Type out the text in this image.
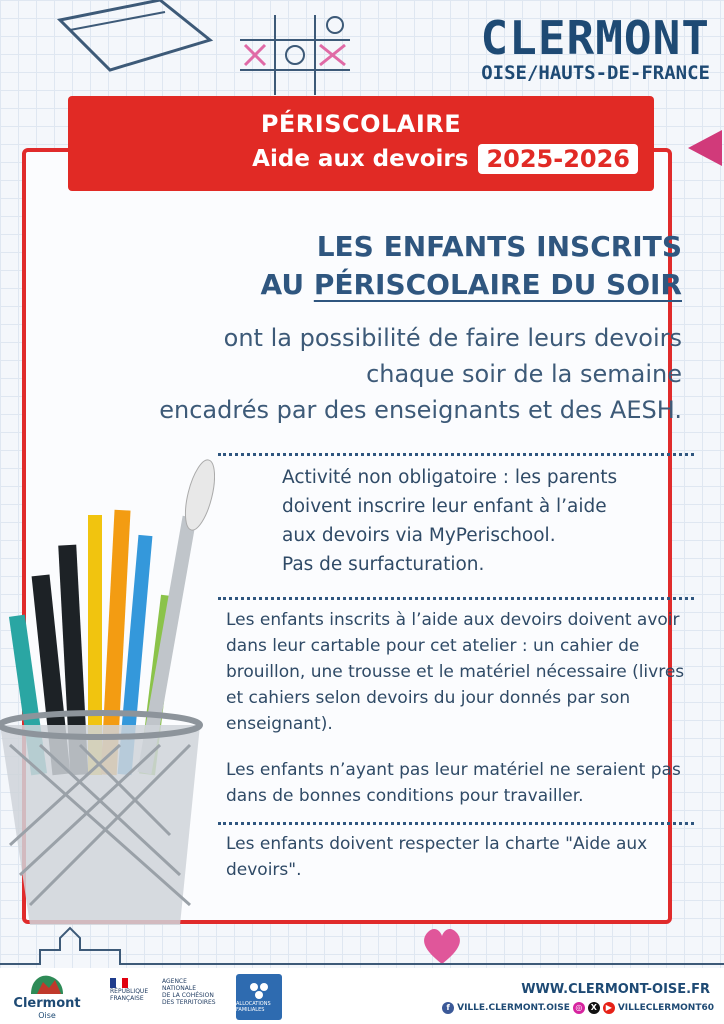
CLERMONT
OISE/HAUTS-DE-FRANCE
PÉRISCOLAIRE
Aide aux devoirs 2025-2026
LES ENFANTS INSCRITS
AU PÉRISCOLAIRE DU SOIR
ont la possibilité de faire leurs devoirs
chaque soir de la semaine
encadrés par des enseignants et des AESH.
Activité non obligatoire : les parents
doivent inscrire leur enfant à l’aide
aux devoirs via MyPerischool.
Pas de surfacturation.
Les enfants inscrits à l’aide aux devoirs doivent avoir dans leur cartable pour cet atelier : un cahier de brouillon, une trousse et le matériel nécessaire (livres et cahiers selon devoirs du jour donnés par son enseignant).
Les enfants n’ayant pas leur matériel ne seraient pas dans de bonnes conditions pour travailler.
Les enfants doivent respecter la charte "Aide aux devoirs".
Clermont
Oise
RÉPUBLIQUE
FRANÇAISE
AGENCE
NATIONALE
DE LA COHÉSION
DES TERRITOIRES	ALLOCATIONS FAMILIALES
WWW.CLERMONT-OISE.FR
f VILLE.CLERMONT.OISE ◎	X	▶ VILLECLERMONT60
